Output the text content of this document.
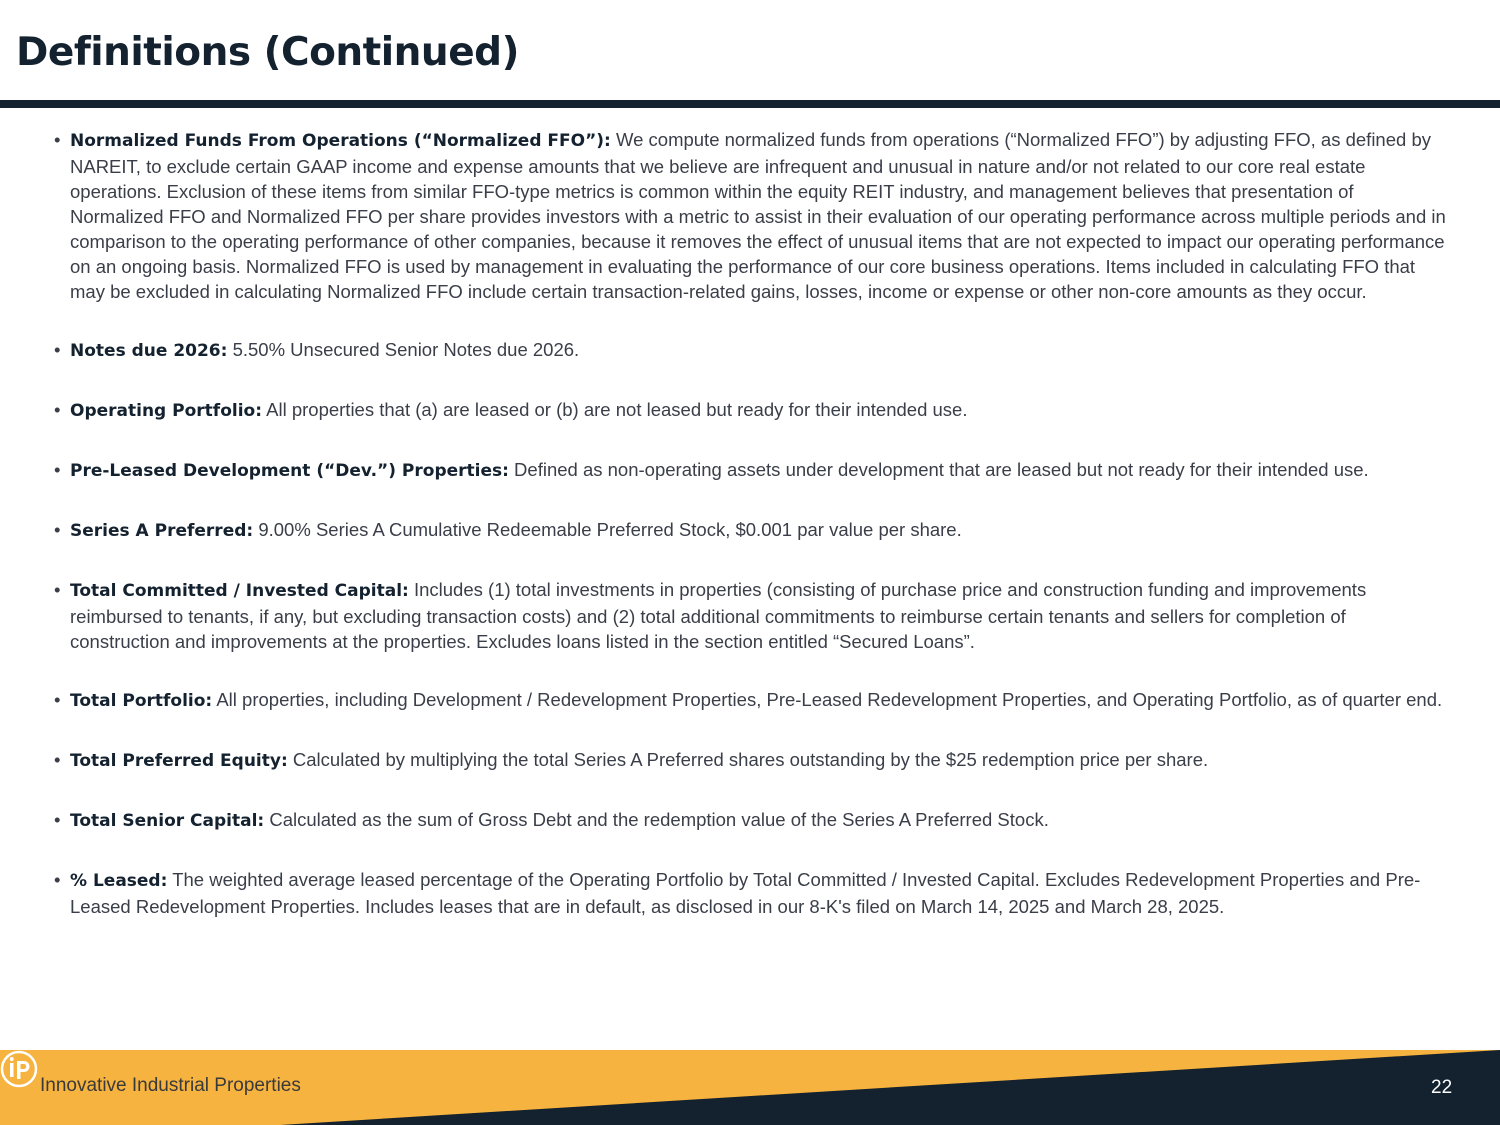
Definitions (Continued)
• Normalized Funds From Operations (“Normalized FFO”): We compute normalized funds from operations (“Normalized FFO”) by adjusting FFO, as defined by NAREIT, to exclude certain GAAP income and expense amounts that we believe are infrequent and unusual in nature and/or not related to our core real estate operations. Exclusion of these items from similar FFO-type metrics is common within the equity REIT industry, and management believes that presentation of Normalized FFO and Normalized FFO per share provides investors with a metric to assist in their evaluation of our operating performance across multiple periods and in comparison to the operating performance of other companies, because it removes the effect of unusual items that are not expected to impact our operating performance on an ongoing basis. Normalized FFO is used by management in evaluating the performance of our core business operations. Items included in calculating FFO that may be excluded in calculating Normalized FFO include certain transaction-related gains, losses, income or expense or other non-core amounts as they occur.
• Notes due 2026: 5.50% Unsecured Senior Notes due 2026.
• Operating Portfolio: All properties that (a) are leased or (b) are not leased but ready for their intended use.
• Pre-Leased Development (“Dev.”) Properties: Defined as non-operating assets under development that are leased but not ready for their intended use.
• Series A Preferred: 9.00% Series A Cumulative Redeemable Preferred Stock, $0.001 par value per share.
• Total Committed / Invested Capital: Includes (1) total investments in properties (consisting of purchase price and construction funding and improvements reimbursed to tenants, if any, but excluding transaction costs) and (2) total additional commitments to reimburse certain tenants and sellers for completion of construction and improvements at the properties. Excludes loans listed in the section entitled “Secured Loans”.
• Total Portfolio: All properties, including Development / Redevelopment Properties, Pre-Leased Redevelopment Properties, and Operating Portfolio, as of quarter end.
• Total Preferred Equity: Calculated by multiplying the total Series A Preferred shares outstanding by the $25 redemption price per share.
• Total Senior Capital: Calculated as the sum of Gross Debt and the redemption value of the Series A Preferred Stock.
• % Leased: The weighted average leased percentage of the Operating Portfolio by Total Committed / Invested Capital. Excludes Redevelopment Properties and Pre-Leased Redevelopment Properties. Includes leases that are in default, as disclosed in our 8-K's filed on March 14, 2025 and March 28, 2025.
Innovative Industrial Properties	22
